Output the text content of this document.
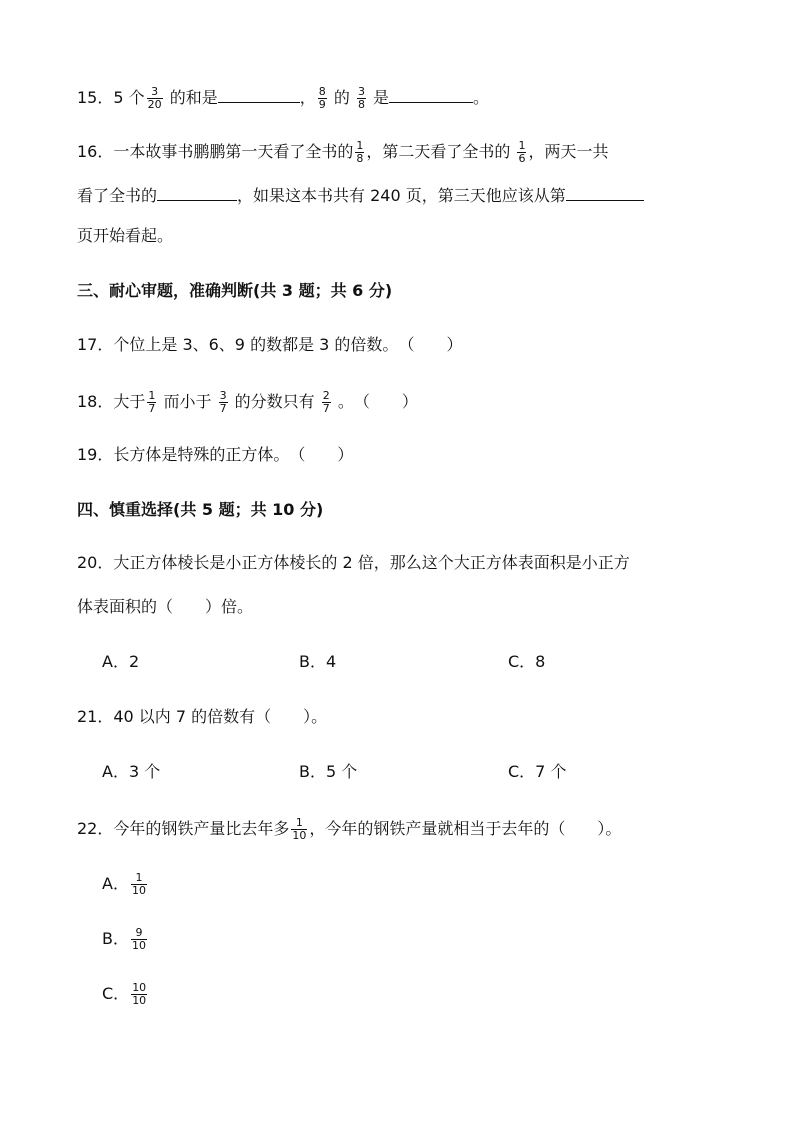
15．5 个 $\frac{3}{20}$ 的和是	， $\frac{8}{9}$ 的 $\frac{3}{8}$ 是	。
16．一本故事书鹏鹏第一天看了全书的 $\frac{1}{8}$ ，第二天看了全书的 $\frac{1}{6}$ ，两天一共
看了全书的	，如果这本书共有 240 页，第三天他应该从第
页开始看起。
三、耐心审题，准确判断(共 3 题；共 6 分)
17．个位上是 3、6、9 的数都是 3 的倍数。（　　）
18．大于 $\frac{1}{7}$ 而小于 $\frac{3}{7}$ 的分数只有 $\frac{2}{7}$ 。（　　）
19．长方体是特殊的正方体。（　　）
四、慎重选择(共 5 题；共 10 分)
20．大正方体棱长是小正方体棱长的 2 倍，那么这个大正方体表面积是小正方
体表面积的（　　）倍。
A．2	B．4	C．8
21．40 以内 7 的倍数有（　　）。
A．3 个	B．5 个	C．7 个
22．今年的钢铁产量比去年多 $\frac{1}{10}$ ，今年的钢铁产量就相当于去年的（　　）。
A． $\frac{1}{10}$
B． $\frac{9}{10}$
C． $\frac{10}{10}$
